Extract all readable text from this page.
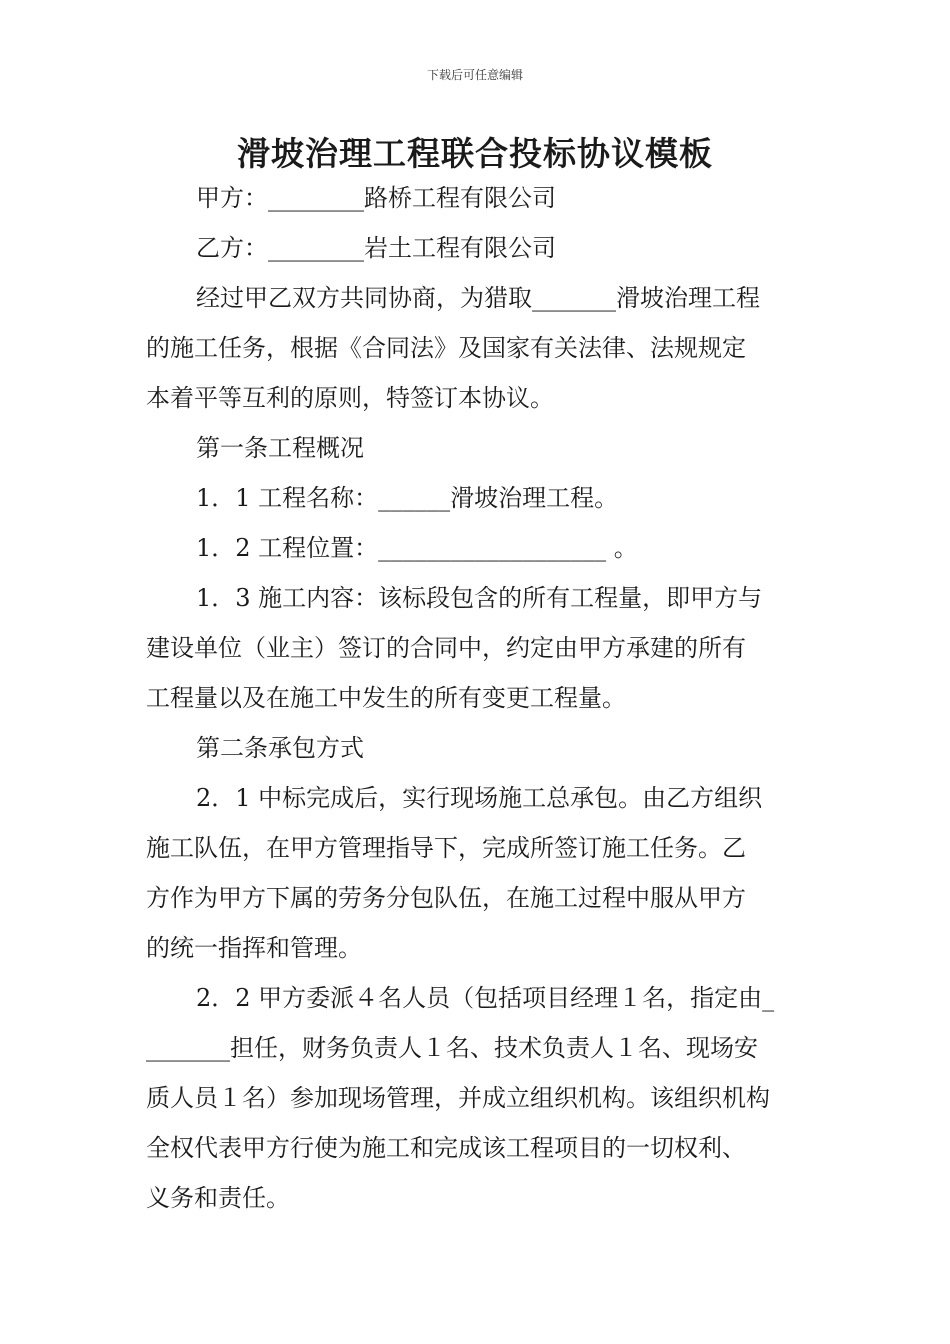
下载后可任意编辑
滑坡治理工程联合投标协议模板
甲方：________路桥工程有限公司
乙方：________岩土工程有限公司
经过甲乙双方共同协商，为猎取_______滑坡治理工程
的施工任务，根据《合同法》及国家有关法律、法规规定
本着平等互利的原则，特签订本协议。
第一条工程概况
1．1 工程名称：______滑坡治理工程。
1．2 工程位置：___________________ 。
1．3 施工内容：该标段包含的所有工程量，即甲方与
建设单位（业主）签订的合同中，约定由甲方承建的所有
工程量以及在施工中发生的所有变更工程量。
第二条承包方式
2．1 中标完成后，实行现场施工总承包。由乙方组织
施工队伍，在甲方管理指导下，完成所签订施工任务。乙
方作为甲方下属的劳务分包队伍，在施工过程中服从甲方
的统一指挥和管理。
2．2 甲方委派４名人员（包括项目经理１名，指定由_
_______担任，财务负责人１名、技术负责人１名、现场安
质人员１名）参加现场管理，并成立组织机构。该组织机构
全权代表甲方行使为施工和完成该工程项目的一切权利、
义务和责任。
